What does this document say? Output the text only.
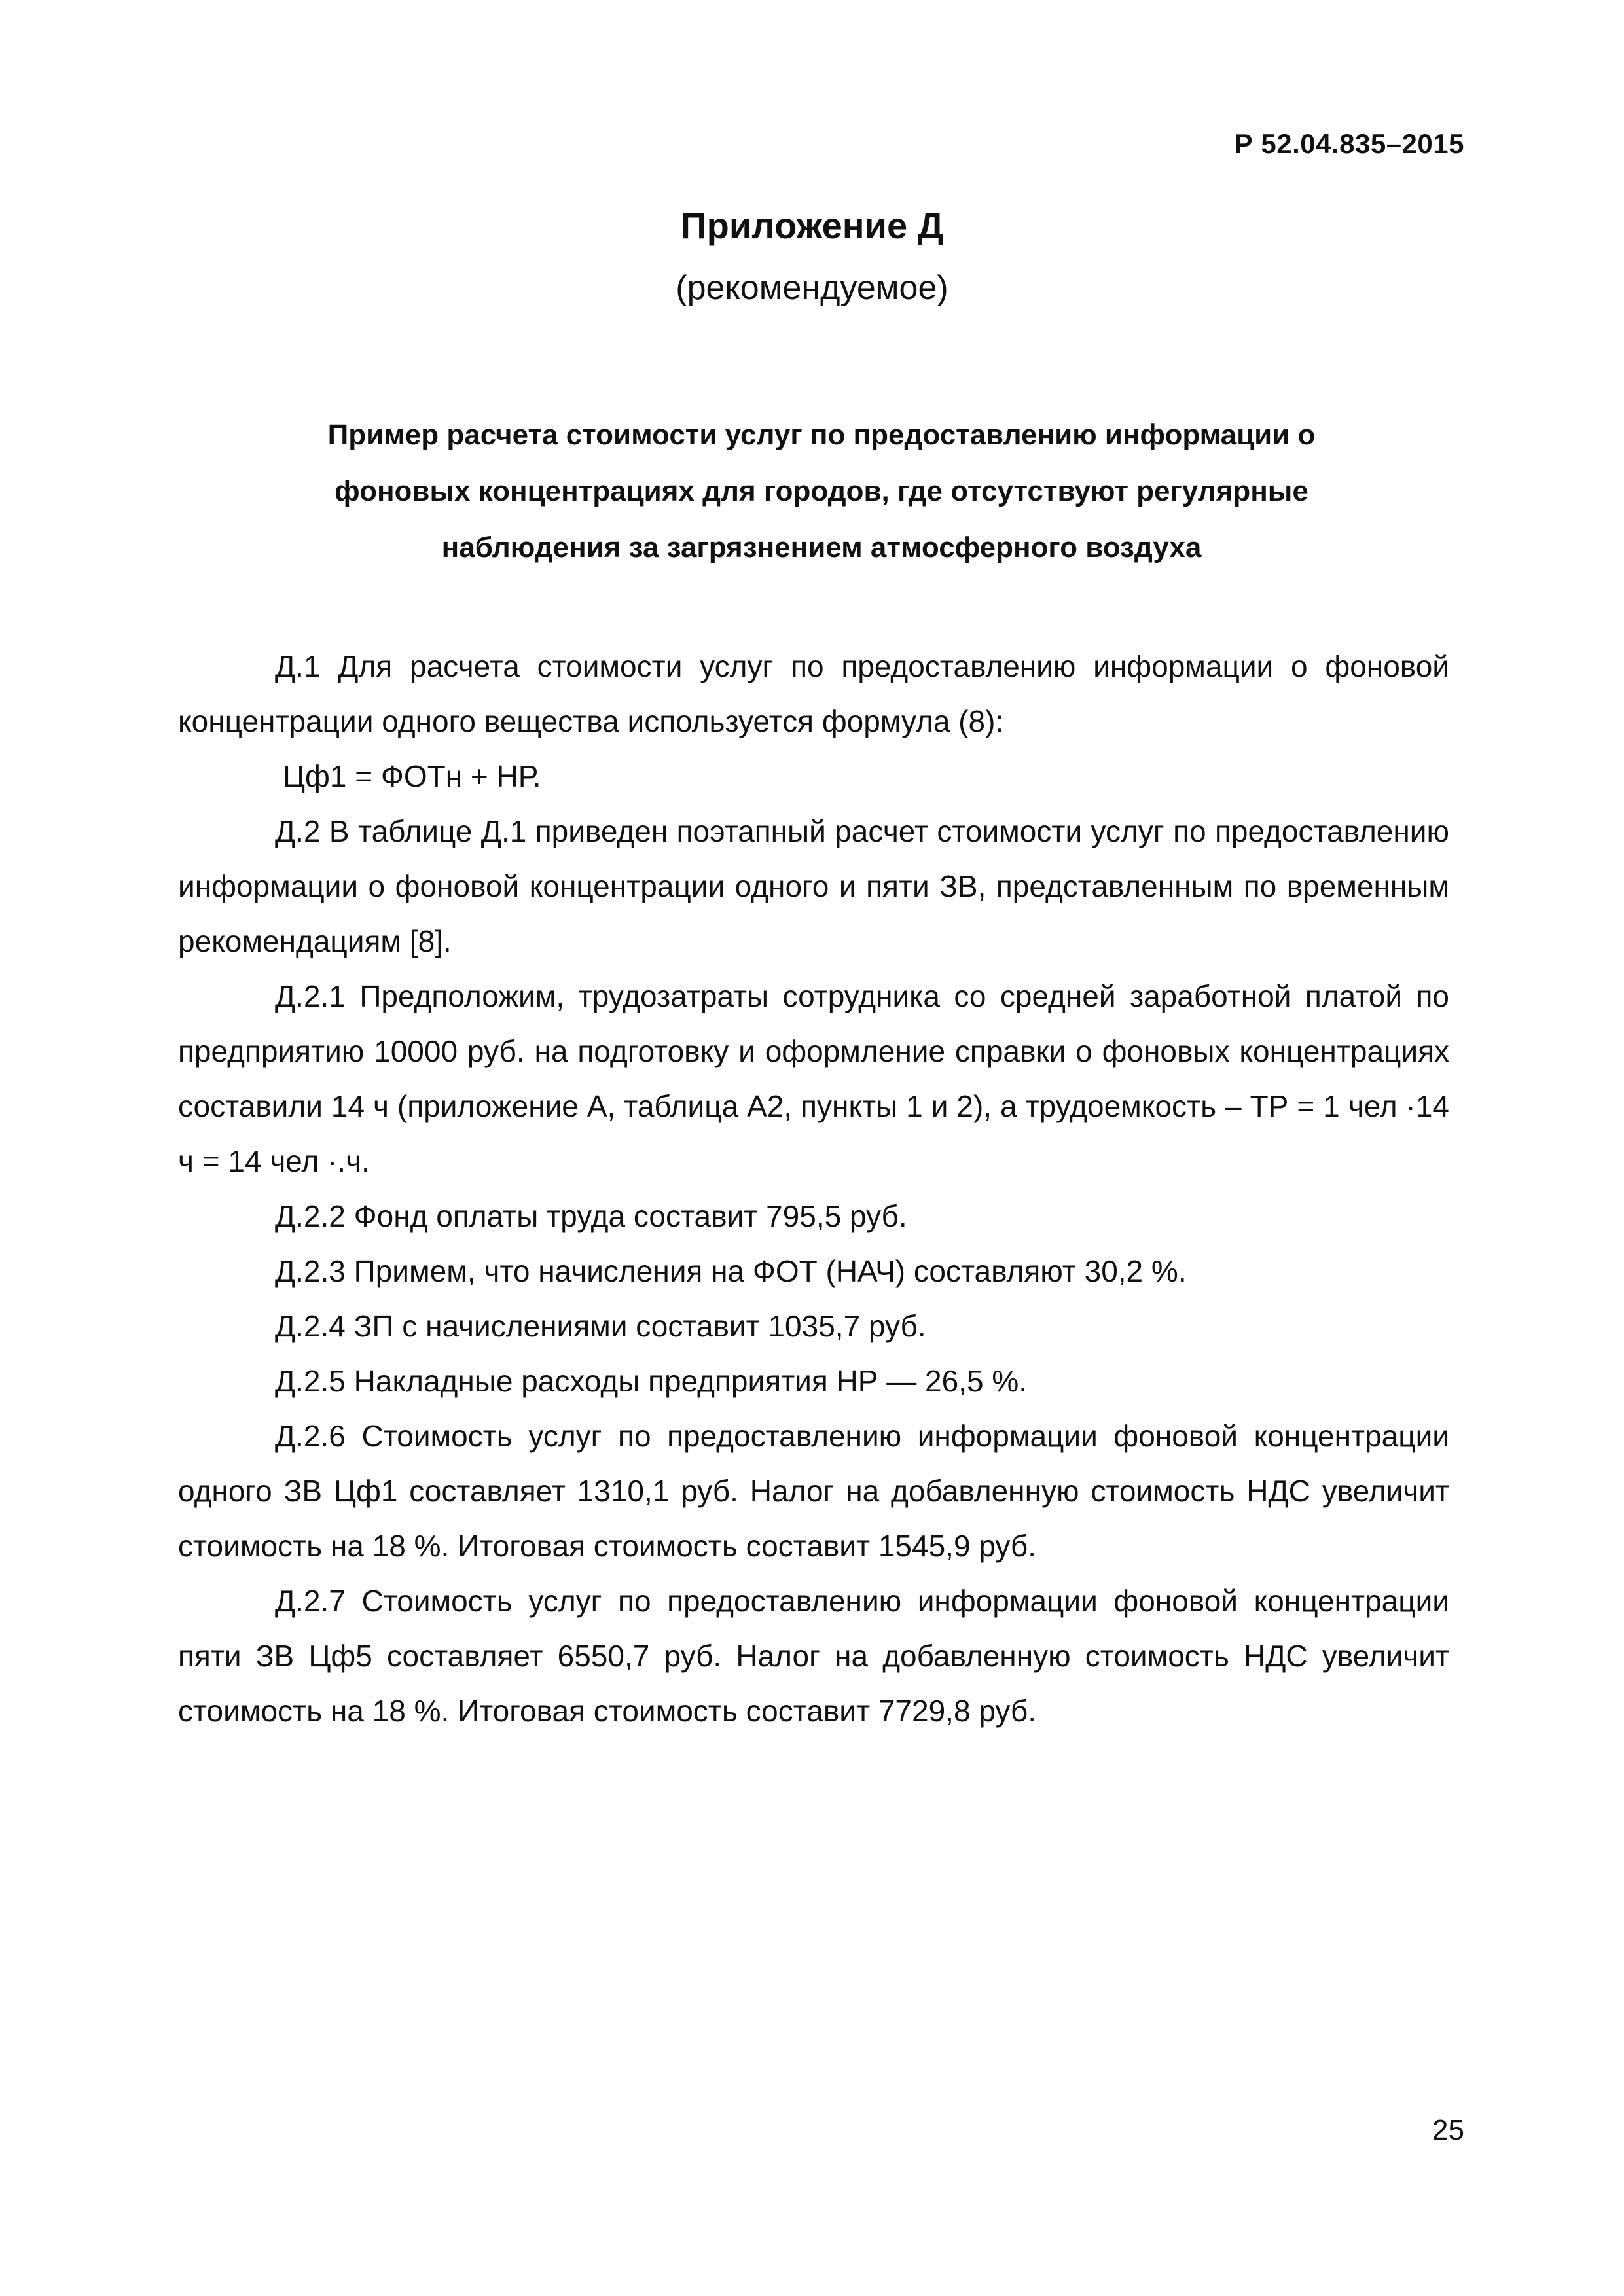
Р 52.04.835–2015
Приложение Д
(рекомендуемое)
Пример расчета стоимости услуг по предоставлению информации о
фоновых концентрациях для городов, где отсутствуют регулярные
наблюдения за загрязнением атмосферного воздуха

Д.1 Для расчета стоимости услуг по предоставлению информации о фоновой концентрации одного вещества используется формула (8):

Цф1 = ФОТн + НР.

Д.2 В таблице Д.1 приведен поэтапный расчет стоимости услуг по предоставлению информации о фоновой концентрации одного и пяти ЗВ, представленным по временным рекомендациям [8].

Д.2.1 Предположим, трудозатраты сотрудника со средней заработной платой по предприятию 10000 руб. на подготовку и оформление справки о фоновых концентрациях составили 14 ч (приложение А, таблица А2, пункты 1 и 2), а трудоемкость – ТР = 1 чел ·14 ч = 14 чел ·.ч.

Д.2.2 Фонд оплаты труда составит 795,5 руб.

Д.2.3 Примем, что начисления на ФОТ (НАЧ) составляют 30,2 %.

Д.2.4 ЗП с начислениями составит 1035,7 руб.

Д.2.5 Накладные расходы предприятия НР — 26,5 %.

Д.2.6 Стоимость услуг по предоставлению информации фоновой концентрации одного ЗВ Цф1 составляет 1310,1 руб. Налог на добавленную стоимость НДС увеличит стоимость на 18 %. Итоговая стоимость составит 1545,9 руб.

Д.2.7 Стоимость услуг по предоставлению информации фоновой концентрации пяти ЗВ Цф5 составляет 6550,7 руб. Налог на добавленную стоимость НДС увеличит стоимость на 18 %. Итоговая стоимость составит 7729,8 руб.

25
